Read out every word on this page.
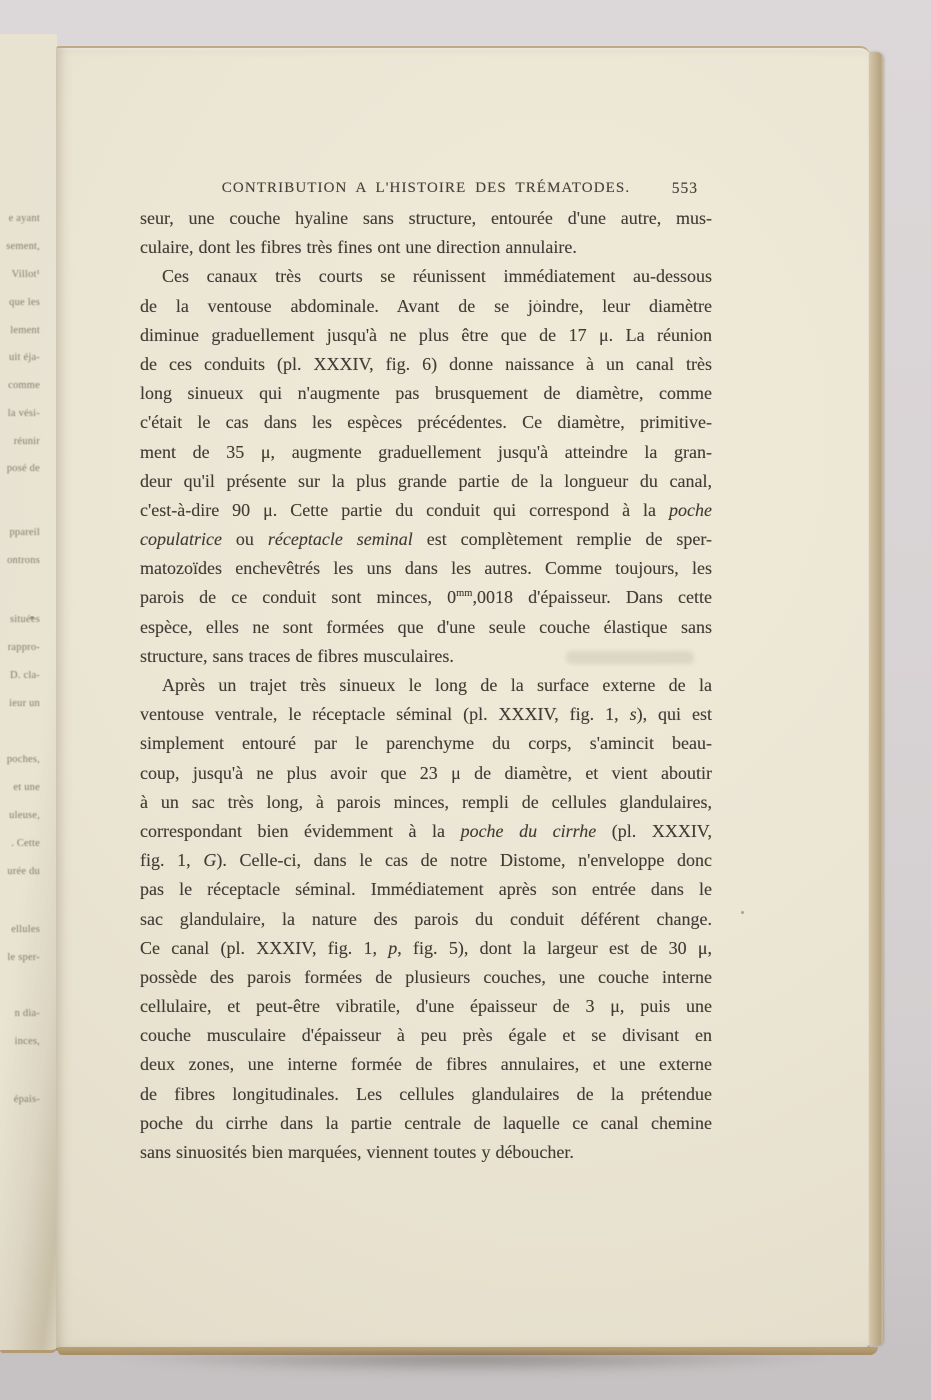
e ayant
sement,
Villot¹
que les
lement
uit éja-
comme
la vési-
réunir
posé de
ppareil
ontrons
situées
rappro-
D. cla-
ieur un
poches,
et une
uleuse,
. Cette
urée du
ellules
le sper-
n dia-
inces,
épais-
CONTRIBUTION A L'HISTOIRE DES TRÉMATODES.	553
seur, une couche hyaline sans structure, entourée d'une autre, mus-
culaire, dont les fibres très fines ont une direction annulaire.
Ces canaux très courts se réunissent immédiatement au-dessous
de la ventouse abdominale. Avant de se joindre, leur diamètre
diminue graduellement jusqu'à ne plus être que de 17 μ. La réunion
de ces conduits (pl. XXXIV, fig. 6) donne naissance à un canal très
long sinueux qui n'augmente pas brusquement de diamètre, comme
c'était le cas dans les espèces précédentes. Ce diamètre, primitive-
ment de 35 μ, augmente graduellement jusqu'à atteindre la gran-
deur qu'il présente sur la plus grande partie de la longueur du canal,
c'est-à-dire 90 μ. Cette partie du conduit qui correspond à la poche
copulatrice ou réceptacle seminal est complètement remplie de sper-
matozoïdes enchevêtrés les uns dans les autres. Comme toujours, les
parois de ce conduit sont minces, $0^{mm},0018$ d'épaisseur. Dans cette
espèce, elles ne sont formées que d'une seule couche élastique sans
structure, sans traces de fibres musculaires.
Après un trajet très sinueux le long de la surface externe de la
ventouse ventrale, le réceptacle séminal (pl. XXXIV, fig. 1, s), qui est
simplement entouré par le parenchyme du corps, s'amincit beau-
coup, jusqu'à ne plus avoir que 23 μ de diamètre, et vient aboutir
à un sac très long, à parois minces, rempli de cellules glandulaires,
correspondant bien évidemment à la poche du cirrhe (pl. XXXIV,
fig. 1, G). Celle-ci, dans le cas de notre Distome, n'enveloppe donc
pas le réceptacle séminal. Immédiatement après son entrée dans le
sac glandulaire, la nature des parois du conduit déférent change.
Ce canal (pl. XXXIV, fig. 1, p, fig. 5), dont la largeur est de 30 μ,
possède des parois formées de plusieurs couches, une couche interne
cellulaire, et peut-être vibratile, d'une épaisseur de 3 μ, puis une
couche musculaire d'épaisseur à peu près égale et se divisant en
deux zones, une interne formée de fibres annulaires, et une externe
de fibres longitudinales. Les cellules glandulaires de la prétendue
poche du cirrhe dans la partie centrale de laquelle ce canal chemine
sans sinuosités bien marquées, viennent toutes y déboucher.
